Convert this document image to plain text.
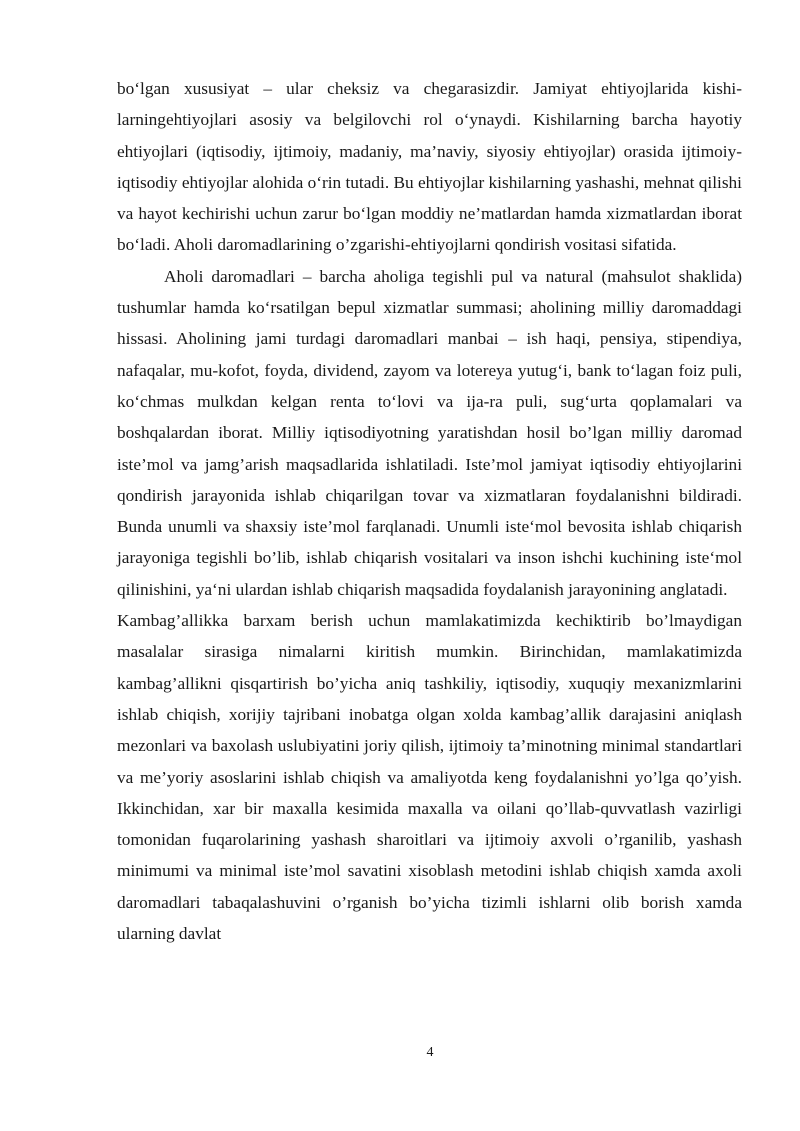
bo‘lgan xususiyat – ular cheksiz va chegarasizdir. Jamiyat ehtiyojlarida kishi-larningehtiyojlari asosiy va belgilovchi rol o‘ynaydi. Kishilarning barcha hayotiy ehtiyojlari (iqtisodiy, ijtimoiy, madaniy, ma’naviy, siyosiy ehtiyojlar) orasida ijtimoiy-iqtisodiy ehtiyojlar alohida o‘rin tutadi. Bu ehtiyojlar kishilarning yashashi, mehnat qilishi va hayot kechirishi uchun zarur bo‘lgan moddiy ne’matlardan hamda xizmatlardan iborat bo‘ladi. Aholi daromadlarining o’zgarishi-ehtiyojlarni qondirish vositasi sifatida.

Aholi daromadlari – barcha aholiga tegishli pul va natural (mahsulot shaklida) tushumlar hamda ko‘rsatilgan bepul xizmatlar summasi; aholining milliy daromaddagi hissasi. Aholining jami turdagi daromadlari manbai – ish haqi, pensiya, stipendiya, nafaqalar, mu-kofot, foyda, dividend, zayom va lotereya yutug‘i, bank to‘lagan foiz puli, ko‘chmas mulkdan kelgan renta to‘lovi va ija-ra puli, sug‘urta qoplamalari va boshqalardan iborat. Milliy iqtisodiyotning yaratishdan hosil bo’lgan milliy daromad iste’mol va jamg’arish maqsadlarida ishlatiladi. Iste’mol jamiyat iqtisodiy ehtiyojlarini qondirish jarayonida ishlab chiqarilgan tovar va xizmatlaran foydalanishni bildiradi. Bunda unumli va shaxsiy iste’mol farqlanadi. Unumli iste‘mol bevosita ishlab chiqarish jarayoniga tegishli bo’lib, ishlab chiqarish vositalari va inson ishchi kuchining iste‘mol qilinishini, ya‘ni ulardan ishlab chiqarish maqsadida foydalanish jarayonining anglatadi.

Kambag’allikka barxam berish uchun mamlakatimizda kechiktirib bo’lmaydigan masalalar sirasiga nimalarni kiritish mumkin. Birinchidan, mamlakatimizda kambag’allikni qisqartirish bo’yicha aniq tashkiliy, iqtisodiy, xuquqiy mexanizmlarini ishlab chiqish, xorijiy tajribani inobatga olgan xolda kambag’allik darajasini aniqlash mezonlari va baxolash uslubiyatini joriy qilish, ijtimoiy ta’minotning minimal standartlari va me’yoriy asoslarini ishlab chiqish va amaliyotda keng foydalanishni yo’lga qo’yish. Ikkinchidan, xar bir maxalla kesimida maxalla va oilani qo’llab-quvvatlash vazirligi tomonidan fuqarolarining yashash sharoitlari va ijtimoiy axvoli o’rganilib, yashash minimumi va minimal iste’mol savatini xisoblash metodini ishlab chiqish xamda axoli daromadlari tabaqalashuvini o’rganish bo’yicha tizimli ishlarni olib borish xamda ularning davlat

4
